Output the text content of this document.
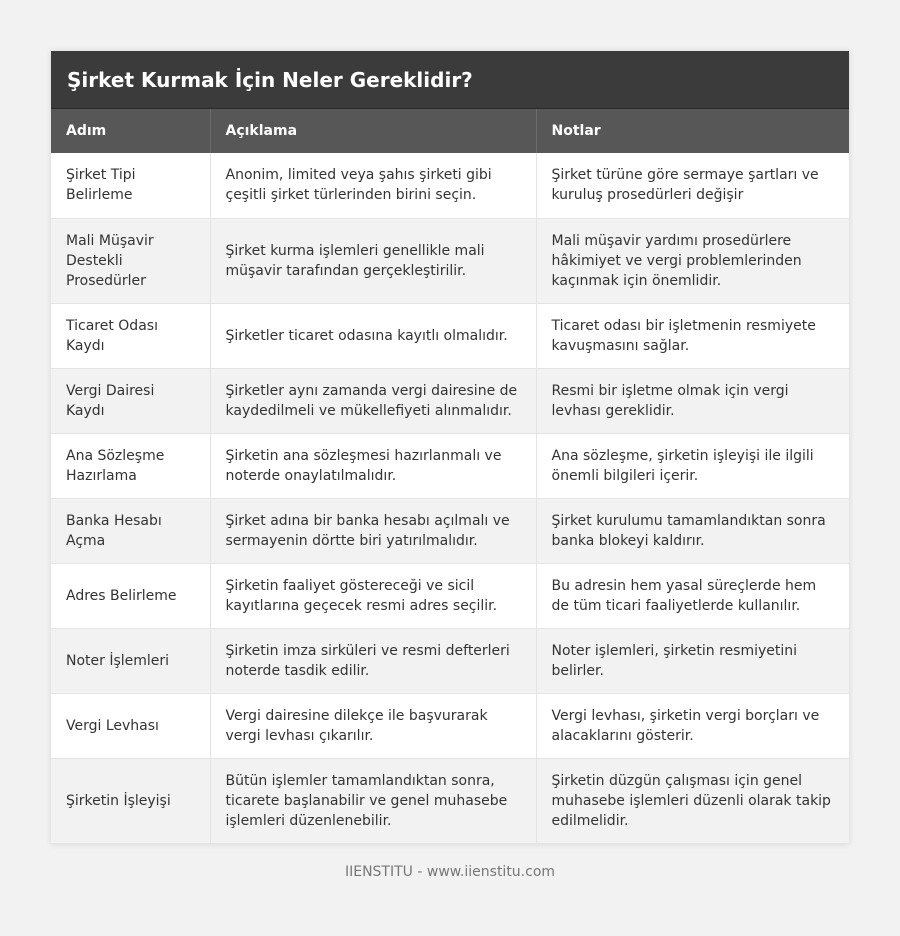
Şirket Kurmak İçin Neler Gereklidir?
Adım	Açıklama	Notlar
Şirket Tipi Belirleme	Anonim, limited veya şahıs şirketi gibi çeşitli şirket türlerinden birini seçin.	Şirket türüne göre sermaye şartları ve kuruluş prosedürleri değişir
Mali Müşavir Destekli Prosedürler	Şirket kurma işlemleri genellikle mali müşavir tarafından gerçekleştirilir.	Mali müşavir yardımı prosedürlere hâkimiyet ve vergi problemlerinden kaçınmak için önemlidir.
Ticaret Odası Kaydı	Şirketler ticaret odasına kayıtlı olmalıdır.	Ticaret odası bir işletmenin resmiyete kavuşmasını sağlar.
Vergi Dairesi Kaydı	Şirketler aynı zamanda vergi dairesine de kaydedilmeli ve mükellefiyeti alınmalıdır.	Resmi bir işletme olmak için vergi levhası gereklidir.
Ana Sözleşme Hazırlama	Şirketin ana sözleşmesi hazırlanmalı ve noterde onaylatılmalıdır.	Ana sözleşme, şirketin işleyişi ile ilgili önemli bilgileri içerir.
Banka Hesabı Açma	Şirket adına bir banka hesabı açılmalı ve sermayenin dörtte biri yatırılmalıdır.	Şirket kurulumu tamamlandıktan sonra banka blokeyi kaldırır.
Adres Belirleme	Şirketin faaliyet göstereceği ve sicil kayıtlarına geçecek resmi adres seçilir.	Bu adresin hem yasal süreçlerde hem de tüm ticari faaliyetlerde kullanılır.
Noter İşlemleri	Şirketin imza sirküleri ve resmi defterleri noterde tasdik edilir.	Noter işlemleri, şirketin resmiyetini belirler.
Vergi Levhası	Vergi dairesine dilekçe ile başvurarak vergi levhası çıkarılır.	Vergi levhası, şirketin vergi borçları ve alacaklarını gösterir.
Şirketin İşleyişi	Bütün işlemler tamamlandıktan sonra, ticarete başlanabilir ve genel muhasebe işlemleri düzenlenebilir.	Şirketin düzgün çalışması için genel muhasebe işlemleri düzenli olarak takip edilmelidir.
IIENSTITU - www.iienstitu.com
